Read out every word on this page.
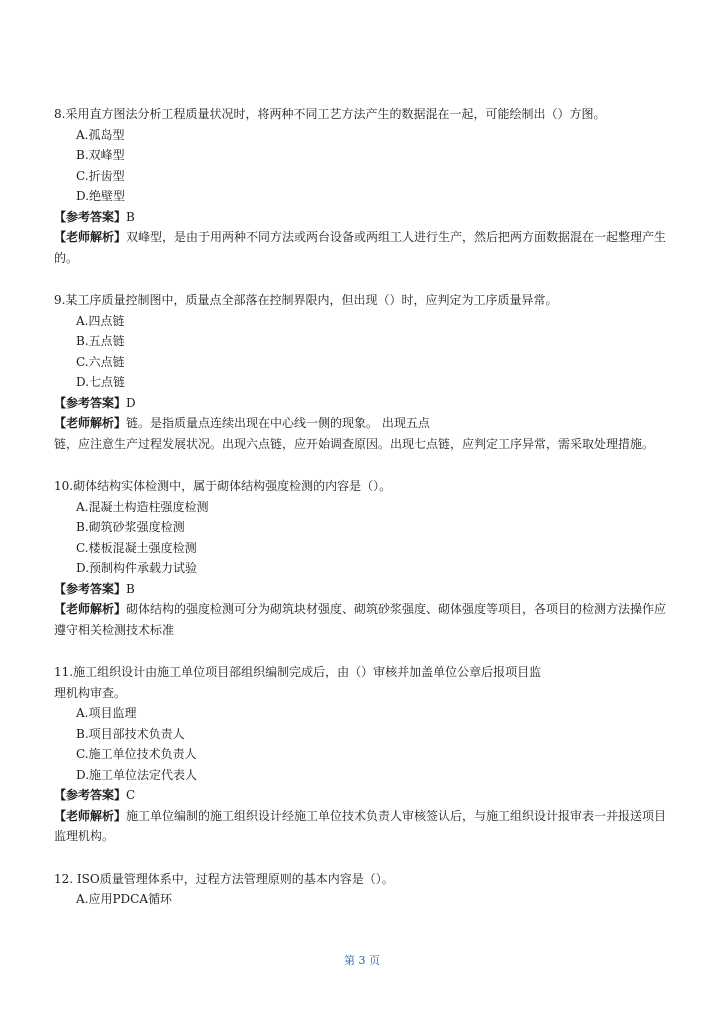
8.采用直方图法分析工程质量状况时，将两种不同工艺方法产生的数据混在一起，可能绘制出（）方图。
A.孤岛型
B.双峰型
C.折齿型
D.绝壁型
【参考答案】B
【老师解析】双峰型，是由于用两种不同方法或两台设备或两组工人进行生产，然后把两方面数据混在一起整理产生的。
9.某工序质量控制图中，质量点全部落在控制界限内，但出现（）时，应判定为工序质量异常。
A.四点链
B.五点链
C.六点链
D.七点链
【参考答案】D
【老师解析】链。是指质量点连续出现在中心线一侧的现象。 出现五点
链，应注意生产过程发展状况。出现六点链，应开始调查原因。出现七点链，应判定工序异常，需采取处理措施。
10.砌体结构实体检测中，属于砌体结构强度检测的内容是（）。
A.混凝土构造柱强度检测
B.砌筑砂浆强度检测
C.楼板混凝土强度检测
D.预制构件承载力试验
【参考答案】B
【老师解析】砌体结构的强度检测可分为砌筑块材强度、砌筑砂浆强度、砌体强度等项目，各项目的检测方法操作应遵守相关检测技术标准
11.施工组织设计由施工单位项目部组织编制完成后，由（）审核并加盖单位公章后报项目监
理机构审查。
A.项目监理
B.项目部技术负责人
C.施工单位技术负责人
D.施工单位法定代表人
【参考答案】C
【老师解析】施工单位编制的施工组织设计经施工单位技术负责人审核签认后，与施工组织设计报审表一并报送项目监理机构。
12. ISO质量管理体系中，过程方法管理原则的基本内容是（）。
A.应用PDCA循环
第 3 页
